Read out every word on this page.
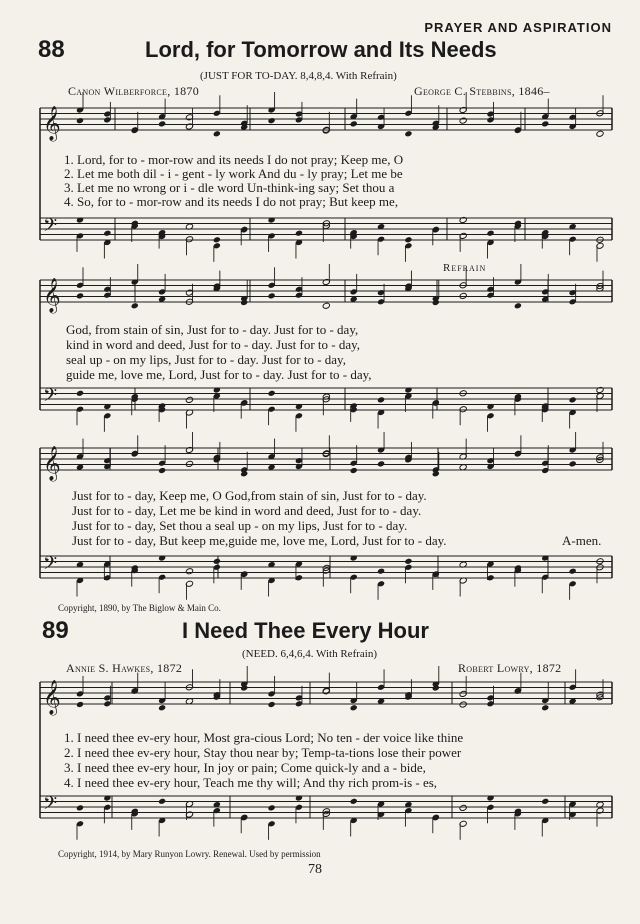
PRAYER AND ASPIRATION
88	Lord, for Tomorrow and Its Needs
(JUST FOR TO-DAY. 8,4,8,4. With Refrain)
Canon Wilberforce, 1870	George C. Stebbins, 1846–
1. Lord, for to - mor-row and its needs I do not pray; Keep me, O
2. Let me both dil - i - gent - ly work And du - ly pray; Let me be
3. Let me no wrong or i - dle word Un-think-ing say; Set thou a
4. So, for to - mor-row and its needs I do not pray; But keep me,
Refrain
God, from stain of sin, Just for to - day. Just for to - day,
kind in word and deed, Just for to - day. Just for to - day,
seal up - on my lips, Just for to - day. Just for to - day,
guide me, love me, Lord, Just for to - day. Just for to - day,
Just for to - day, Keep me, O God,from stain of sin, Just for to - day.
Just for to - day, Let me be kind in word and deed, Just for to - day.
Just for to - day, Set thou a seal up - on my lips, Just for to - day.
Just for to - day, But keep me,guide me, love me, Lord, Just for to - day.	A-men.
Copyright, 1890, by The Biglow & Main Co.
89	I Need Thee Every Hour
(NEED. 6,4,6,4. With Refrain)
Annie S. Hawkes, 1872	Robert Lowry, 1872
1. I need thee ev-ery hour, Most gra-cious Lord; No ten - der voice like thine
2. I need thee ev-ery hour, Stay thou near by; Temp-ta-tions lose their power
3. I need thee ev-ery hour, In joy or pain; Come quick-ly and a - bide,
4. I need thee ev-ery hour, Teach me thy will; And thy rich prom-is - es,
Copyright, 1914, by Mary Runyon Lowry. Renewal. Used by permission
78
𝄞
𝄢
𝄞
𝄢
𝄞
𝄢
𝄞
𝄢
